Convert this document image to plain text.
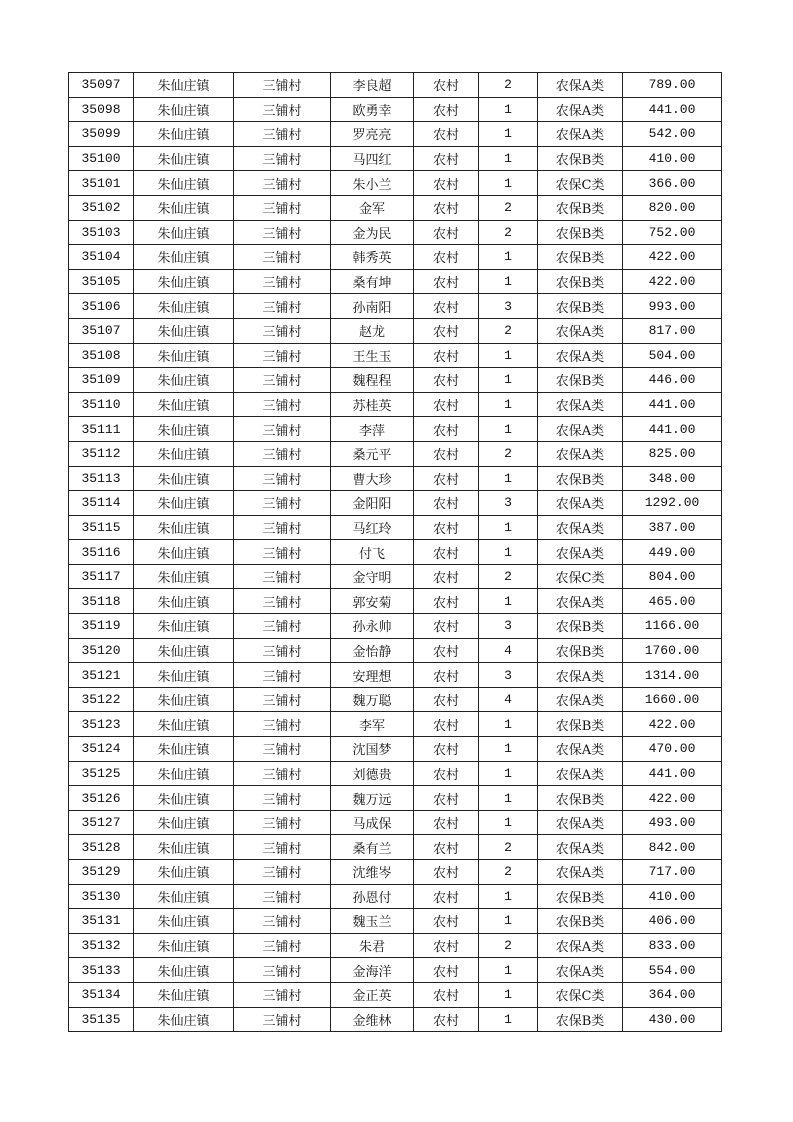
35097	朱仙庄镇	三铺村	李良超	农村	2	农保A类	789.00
35098	朱仙庄镇	三铺村	欧勇幸	农村	1	农保A类	441.00
35099	朱仙庄镇	三铺村	罗亮亮	农村	1	农保A类	542.00
35100	朱仙庄镇	三铺村	马四红	农村	1	农保B类	410.00
35101	朱仙庄镇	三铺村	朱小兰	农村	1	农保C类	366.00
35102	朱仙庄镇	三铺村	金军	农村	2	农保B类	820.00
35103	朱仙庄镇	三铺村	金为民	农村	2	农保B类	752.00
35104	朱仙庄镇	三铺村	韩秀英	农村	1	农保B类	422.00
35105	朱仙庄镇	三铺村	桑有坤	农村	1	农保B类	422.00
35106	朱仙庄镇	三铺村	孙南阳	农村	3	农保B类	993.00
35107	朱仙庄镇	三铺村	赵龙	农村	2	农保A类	817.00
35108	朱仙庄镇	三铺村	王生玉	农村	1	农保A类	504.00
35109	朱仙庄镇	三铺村	魏程程	农村	1	农保B类	446.00
35110	朱仙庄镇	三铺村	苏桂英	农村	1	农保A类	441.00
35111	朱仙庄镇	三铺村	李萍	农村	1	农保A类	441.00
35112	朱仙庄镇	三铺村	桑元平	农村	2	农保A类	825.00
35113	朱仙庄镇	三铺村	曹大珍	农村	1	农保B类	348.00
35114	朱仙庄镇	三铺村	金阳阳	农村	3	农保A类	1292.00
35115	朱仙庄镇	三铺村	马红玲	农村	1	农保A类	387.00
35116	朱仙庄镇	三铺村	付飞	农村	1	农保A类	449.00
35117	朱仙庄镇	三铺村	金守明	农村	2	农保C类	804.00
35118	朱仙庄镇	三铺村	郭安菊	农村	1	农保A类	465.00
35119	朱仙庄镇	三铺村	孙永帅	农村	3	农保B类	1166.00
35120	朱仙庄镇	三铺村	金怡静	农村	4	农保B类	1760.00
35121	朱仙庄镇	三铺村	安理想	农村	3	农保A类	1314.00
35122	朱仙庄镇	三铺村	魏万聪	农村	4	农保A类	1660.00
35123	朱仙庄镇	三铺村	李军	农村	1	农保B类	422.00
35124	朱仙庄镇	三铺村	沈国梦	农村	1	农保A类	470.00
35125	朱仙庄镇	三铺村	刘德贵	农村	1	农保A类	441.00
35126	朱仙庄镇	三铺村	魏万远	农村	1	农保B类	422.00
35127	朱仙庄镇	三铺村	马成保	农村	1	农保A类	493.00
35128	朱仙庄镇	三铺村	桑有兰	农村	2	农保A类	842.00
35129	朱仙庄镇	三铺村	沈维岑	农村	2	农保A类	717.00
35130	朱仙庄镇	三铺村	孙恩付	农村	1	农保B类	410.00
35131	朱仙庄镇	三铺村	魏玉兰	农村	1	农保B类	406.00
35132	朱仙庄镇	三铺村	朱君	农村	2	农保A类	833.00
35133	朱仙庄镇	三铺村	金海洋	农村	1	农保A类	554.00
35134	朱仙庄镇	三铺村	金正英	农村	1	农保C类	364.00
35135	朱仙庄镇	三铺村	金维林	农村	1	农保B类	430.00
